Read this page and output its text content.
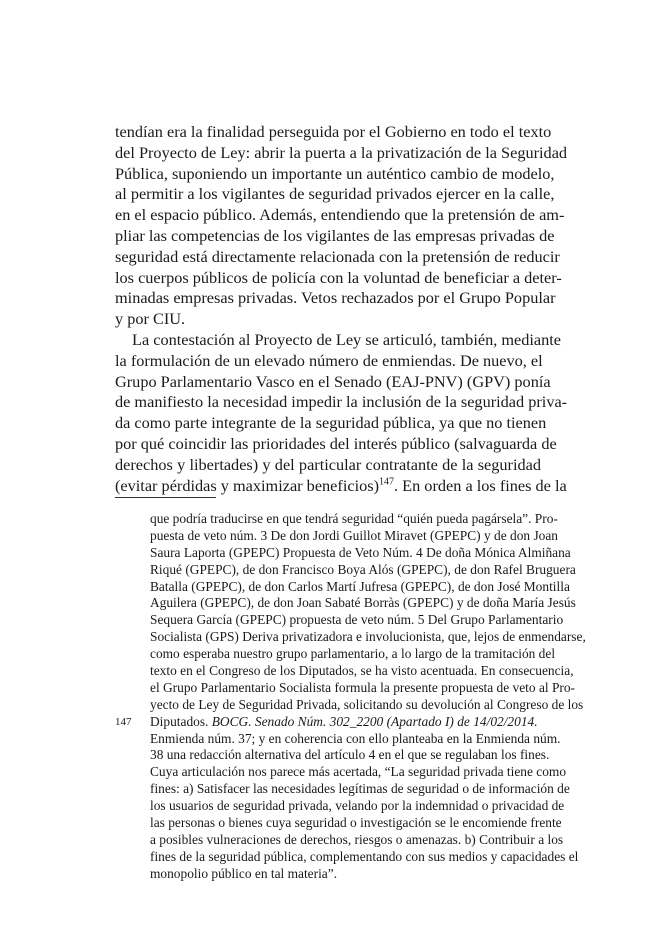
tendían era la finalidad perseguida por el Gobierno en todo el texto
del Proyecto de Ley: abrir la puerta a la privatización de la Seguridad
Pública, suponiendo un importante un auténtico cambio de modelo,
al permitir a los vigilantes de seguridad privados ejercer en la calle,
en el espacio público. Además, entendiendo que la pretensión de am-
pliar las competencias de los vigilantes de las empresas privadas de
seguridad está directamente relacionada con la pretensión de reducir
los cuerpos públicos de policía con la voluntad de beneficiar a deter-
minadas empresas privadas. Vetos rechazados por el Grupo Popular
y por CIU.
La contestación al Proyecto de Ley se articuló, también, mediante
la formulación de un elevado número de enmiendas. De nuevo, el
Grupo Parlamentario Vasco en el Senado (EAJ-PNV) (GPV) ponía
de manifiesto la necesidad impedir la inclusión de la seguridad priva-
da como parte integrante de la seguridad pública, ya que no tienen
por qué coincidir las prioridades del interés público (salvaguarda de
derechos y libertades) y del particular contratante de la seguridad
(evitar pérdidas y maximizar beneficios)$^{147}$. En orden a los fines de la
147
que podría traducirse en que tendrá seguridad “quién pueda pagársela”. Pro-
puesta de veto núm. 3 De don Jordi Guillot Miravet (GPEPC) y de don Joan
Saura Laporta (GPEPC) Propuesta de Veto Núm. 4 De doña Mónica Almiñana
Riqué (GPEPC), de don Francisco Boya Alós (GPEPC), de don Rafel Bruguera
Batalla (GPEPC), de don Carlos Martí Jufresa (GPEPC), de don José Montilla
Aguilera (GPEPC), de don Joan Sabaté Borràs (GPEPC) y de doña María Jesús
Sequera García (GPEPC) propuesta de veto núm. 5 Del Grupo Parlamentario
Socialista (GPS) Deriva privatizadora e involucionista, que, lejos de enmendarse,
como esperaba nuestro grupo parlamentario, a lo largo de la tramitación del
texto en el Congreso de los Diputados, se ha visto acentuada. En consecuencia,
el Grupo Parlamentario Socialista formula la presente propuesta de veto al Pro-
yecto de Ley de Seguridad Privada, solicitando su devolución al Congreso de los
Diputados. BOCG. Senado Núm. 302_2200 (Apartado I) de 14/02/2014.
Enmienda núm. 37; y en coherencia con ello planteaba en la Enmienda núm.
38 una redacción alternativa del artículo 4 en el que se regulaban los fines.
Cuya articulación nos parece más acertada, “La seguridad privada tiene como
fines: a) Satisfacer las necesidades legítimas de seguridad o de información de
los usuarios de seguridad privada, velando por la indemnidad o privacidad de
las personas o bienes cuya seguridad o investigación se le encomiende frente
a posibles vulneraciones de derechos, riesgos o amenazas. b) Contribuir a los
fines de la seguridad pública, complementando con sus medios y capacidades el
monopolio público en tal materia”.
